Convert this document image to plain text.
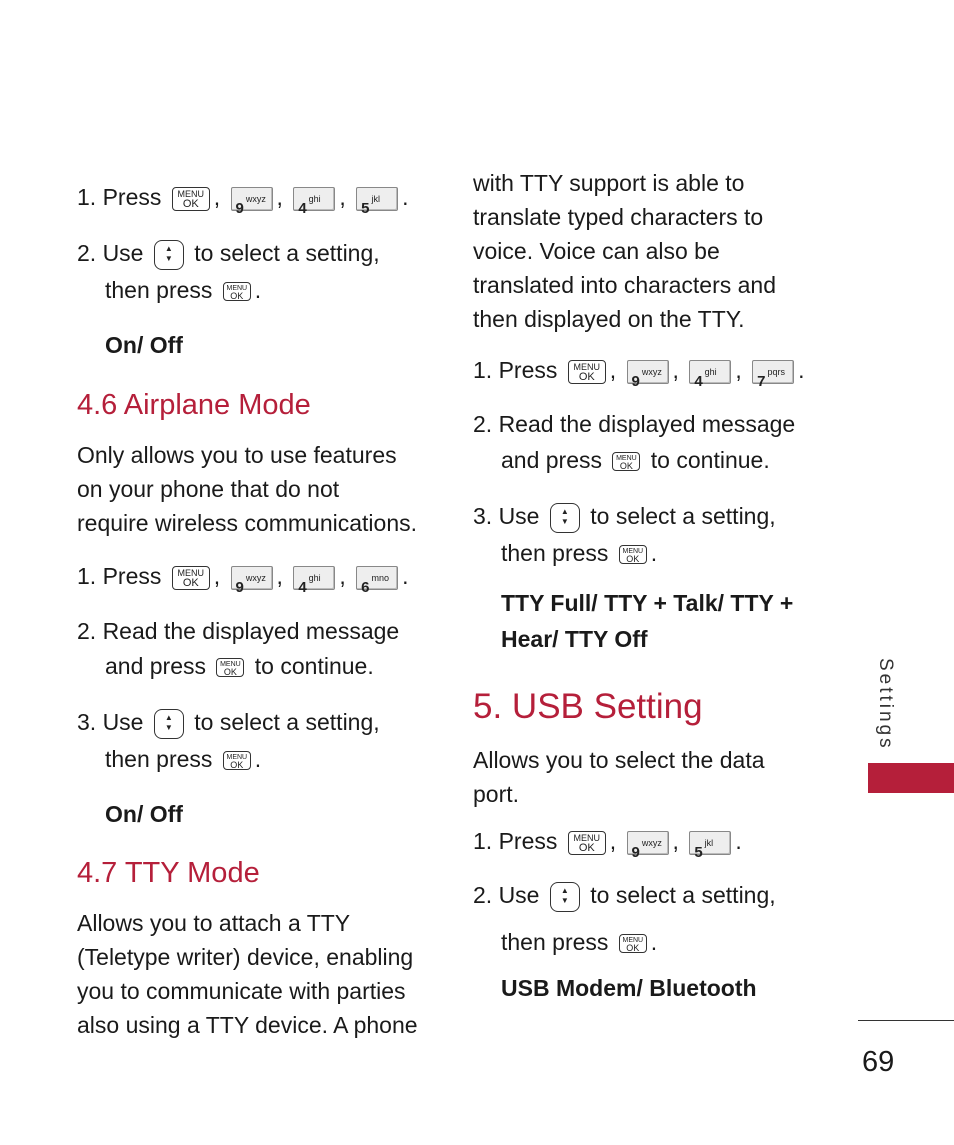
1. Press MENU
OK , $9^{wxyz}$ , $4^{ghi}$ , $5^{jkl}$ .
2. Use	▲
▼ to select a setting,
then press MENU
OK .
On/ Off
4.6 Airplane Mode
Only allows you to use features
on your phone that do not
require wireless communications.
1. Press MENU
OK , $9^{wxyz}$ , $4^{ghi}$ , $6^{mno}$ .
2. Read the displayed message
and press MENU
OK to continue.
3. Use	▲
▼ to select a setting,
then press MENU
OK .
On/ Off
4.7 TTY Mode
Allows you to attach a TTY
(Teletype writer) device, enabling
you to communicate with parties
also using a TTY device. A phone
with TTY support is able to
translate typed characters to
voice. Voice can also be
translated into characters and
then displayed on the TTY.
1. Press MENU
OK , $9^{wxyz}$ , $4^{ghi}$ , $7^{pqrs}$ .
2. Read the displayed message
and press MENU
OK to continue.
3. Use	▲
▼ to select a setting,
then press MENU
OK .
TTY Full/ TTY + Talk/ TTY +
Hear/ TTY Off
5. USB Setting
Allows you to select the data
port.
1. Press MENU
OK , $9^{wxyz}$ , $5^{jkl}$ .
2. Use	▲
▼ to select a setting,
then press MENU
OK .
USB Modem/ Bluetooth
Settings
69
